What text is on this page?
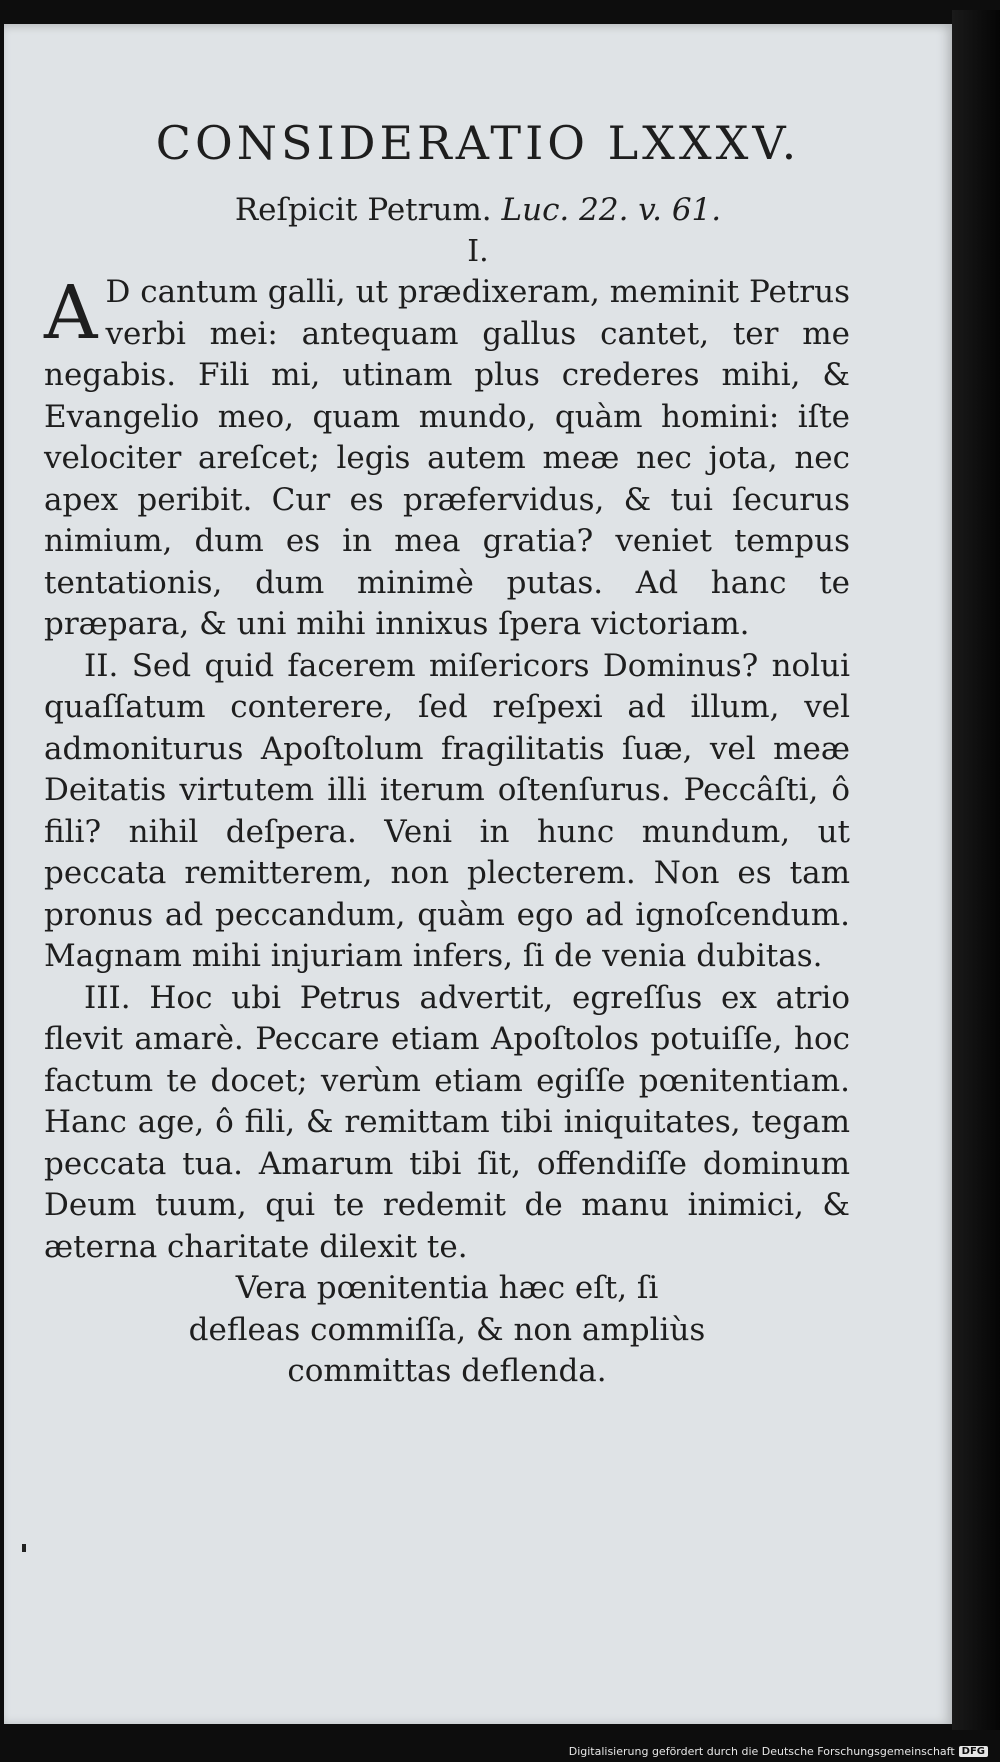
CONSIDERATIO LXXXV.
Reſpicit Petrum. Luc. 22. v. 61.
I.

A D cantum galli, ut prædixeram, meminit Petrus verbi mei: antequam gallus cantet, ter me negabis. Fili mi, utinam plus crederes mihi, & Evangelio meo, quam mundo, quàm homini: iſte velociter areſcet; legis autem meæ nec jota, nec apex peribit. Cur es præfervidus, & tui ſecurus nimium, dum es in mea gratia? veniet tempus tentationis, dum minimè putas. Ad hanc te præpara, & uni mihi innixus ſpera victoriam.

II. Sed quid facerem miſericors Dominus? nolui quaſſatum conterere, ſed reſpexi ad illum, vel admoniturus Apoſtolum fragilitatis ſuæ, vel meæ Deitatis virtutem illi iterum oſtenſurus. Peccâſti, ô fili? nihil deſpera. Veni in hunc mundum, ut peccata remitterem, non plecterem. Non es tam pronus ad peccandum, quàm ego ad ignoſcendum. Magnam mihi injuriam infers, ſi de venia dubitas.

III. Hoc ubi Petrus advertit, egreſſus ex atrio flevit amarè. Peccare etiam Apoſtolos potuiſſe, hoc factum te docet; verùm etiam egiſſe pœnitentiam. Hanc age, ô fili, & remittam tibi iniquitates, tegam peccata tua. Amarum tibi ſit, offendiſſe dominum Deum tuum, qui te redemit de manu inimici, & æterna charitate dilexit te.

Vera pœnitentia hæc eſt, ſi
defleas commiſſa, & non ampliùs
committas deflenda.

Digitalisierung gefördert durch die Deutsche Forschungsgemeinschaft DFG
